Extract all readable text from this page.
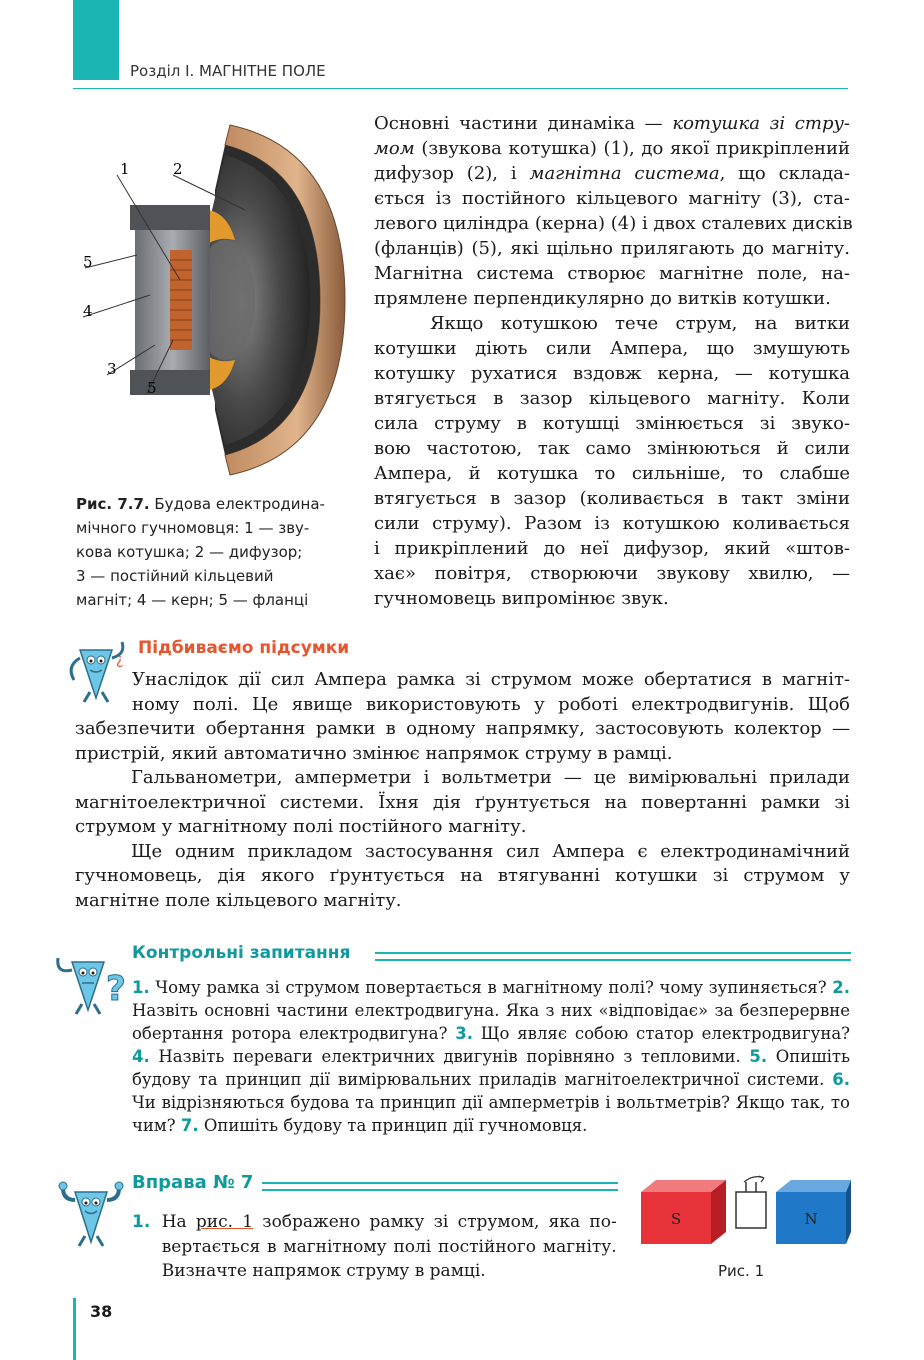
Розділ І. МАГНІТНЕ ПОЛЕ
1	2
5
4
3
5
Рис. 7.7. Будова електродина-
мічного гучномовця: 1 — зву-
кова котушка; 2 — дифузор;
3 — постійний кільцевий
магніт; 4 — керн; 5 — фланці
Основні частини динаміка — котушка зі стру-
мом (звукова котушка) (1), до якої прикріплений
дифузор (2), і магнітна система, що склада-
ється із постійного кільцевого магніту (3), ста-
левого циліндра (керна) (4) і двох сталевих дисків
(фланців) (5), які щільно прилягають до магніту.
Магнітна система створює магнітне поле, на-
прямлене перпендикулярно до витків котушки.
Якщо котушкою тече струм, на витки
котушки діють сили Ампера, що змушують
котушку рухатися вздовж керна, — котушка
втягується в зазор кільцевого магніту. Коли
сила струму в котушці змінюється зі звуко-
вою частотою, так само змінюються й сили
Ампера, й котушка то сильніше, то слабше
втягується в зазор (коливається в такт зміни
сили струму). Разом із котушкою коливається
і прикріплений до неї дифузор, який «штов-
хає» повітря, створюючи звукову хвилю, —
гучномовець випромінює звук.
¿
Підбиваємо підсумки
Унаслідок дії сил Ампера рамка зі струмом може обертатися в магніт-
ному полі. Це явище використовують у роботі електродвигунів. Щоб

забезпечити обертання рамки в одному напрямку, застосовують колектор — пристрій, який автоматично змінює напрямок струму в рамці.

Гальванометри, амперметри і вольтметри — це вимірювальні прилади магнітоелектричної системи. Їхня дія ґрунтується на повертанні рамки зі струмом у магнітному полі постійного магніту.

Ще одним прикладом застосування сил Ампера є електродинамічний гучномовець, дія якого ґрунтується на втягуванні котушки зі струмом у магнітне поле кільцевого магніту.

?
Контрольні запитання
1. Чому рамка зі струмом повертається в магнітному полі? чому зупиняється? 2. Назвіть основні частини електродвигуна. Яка з них «відповідає» за безперервне обертання ротора електродвигуна? 3. Що являє собою статор електродвигуна? 4. Назвіть переваги електричних двигунів порівняно з тепловими. 5. Опишіть будову та принцип дії вимірювальних приладів магнітоелектричної системи. 6. Чи відрізняються будова та принцип дії амперметрів і вольтметрів? Якщо так, то чим? 7. Опишіть будову та принцип дії гучномовця.
Вправа № 7
1. На рис. 1 зображено рамку зі струмом, яка по-
вертається в магнітному полі постійного магніту.
Визначте напрямок струму в рамці.
S	N
Рис. 1
38
